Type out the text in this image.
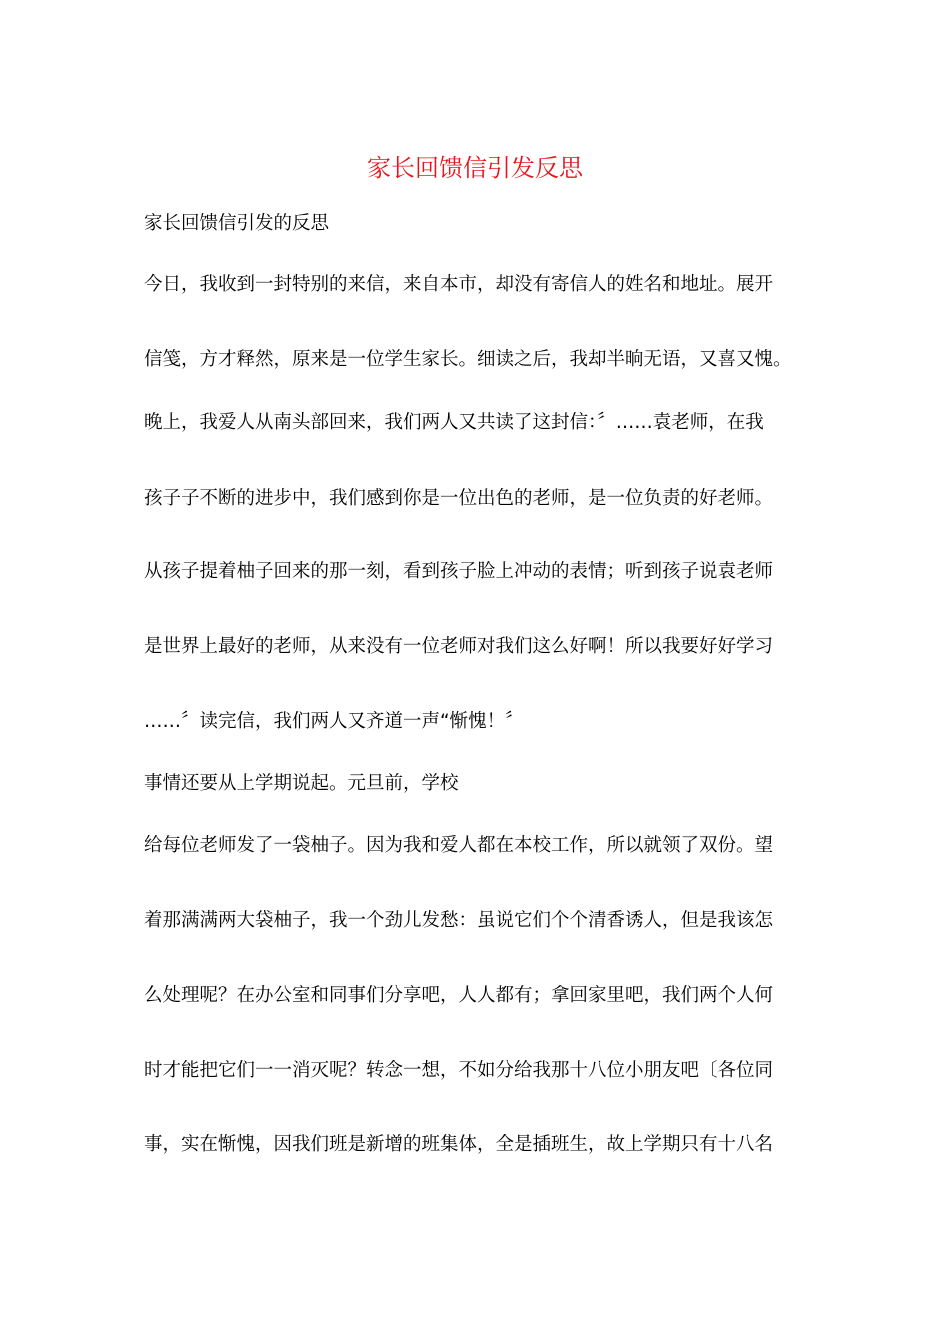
家长回馈信引发反思
家长回馈信引发的反思
今日，我收到一封特别的来信，来自本市，却没有寄信人的姓名和地址。展开
信笺，方才释然，原来是一位学生家长。细读之后，我却半晌无语，又喜又愧。
晚上，我爱人从南头部回来，我们两人又共读了这封信：〞……袁老师，在我
孩子子不断的进步中，我们感到你是一位出色的老师，是一位负责的好老师。
从孩子提着柚子回来的那一刻，看到孩子脸上冲动的表情；听到孩子说袁老师
是世界上最好的老师，从来没有一位老师对我们这么好啊！所以我要好好学习
……〞读完信，我们两人又齐道一声“惭愧！〞
事情还要从上学期说起。元旦前，学校
给每位老师发了一袋柚子。因为我和爱人都在本校工作，所以就领了双份。望
着那满满两大袋柚子，我一个劲儿发愁：虽说它们个个清香诱人，但是我该怎
么处理呢？在办公室和同事们分享吧，人人都有；拿回家里吧，我们两个人何
时才能把它们一一消灭呢？转念一想，不如分给我那十八位小朋友吧〔各位同
事，实在惭愧，因我们班是新增的班集体，全是插班生，故上学期只有十八名
